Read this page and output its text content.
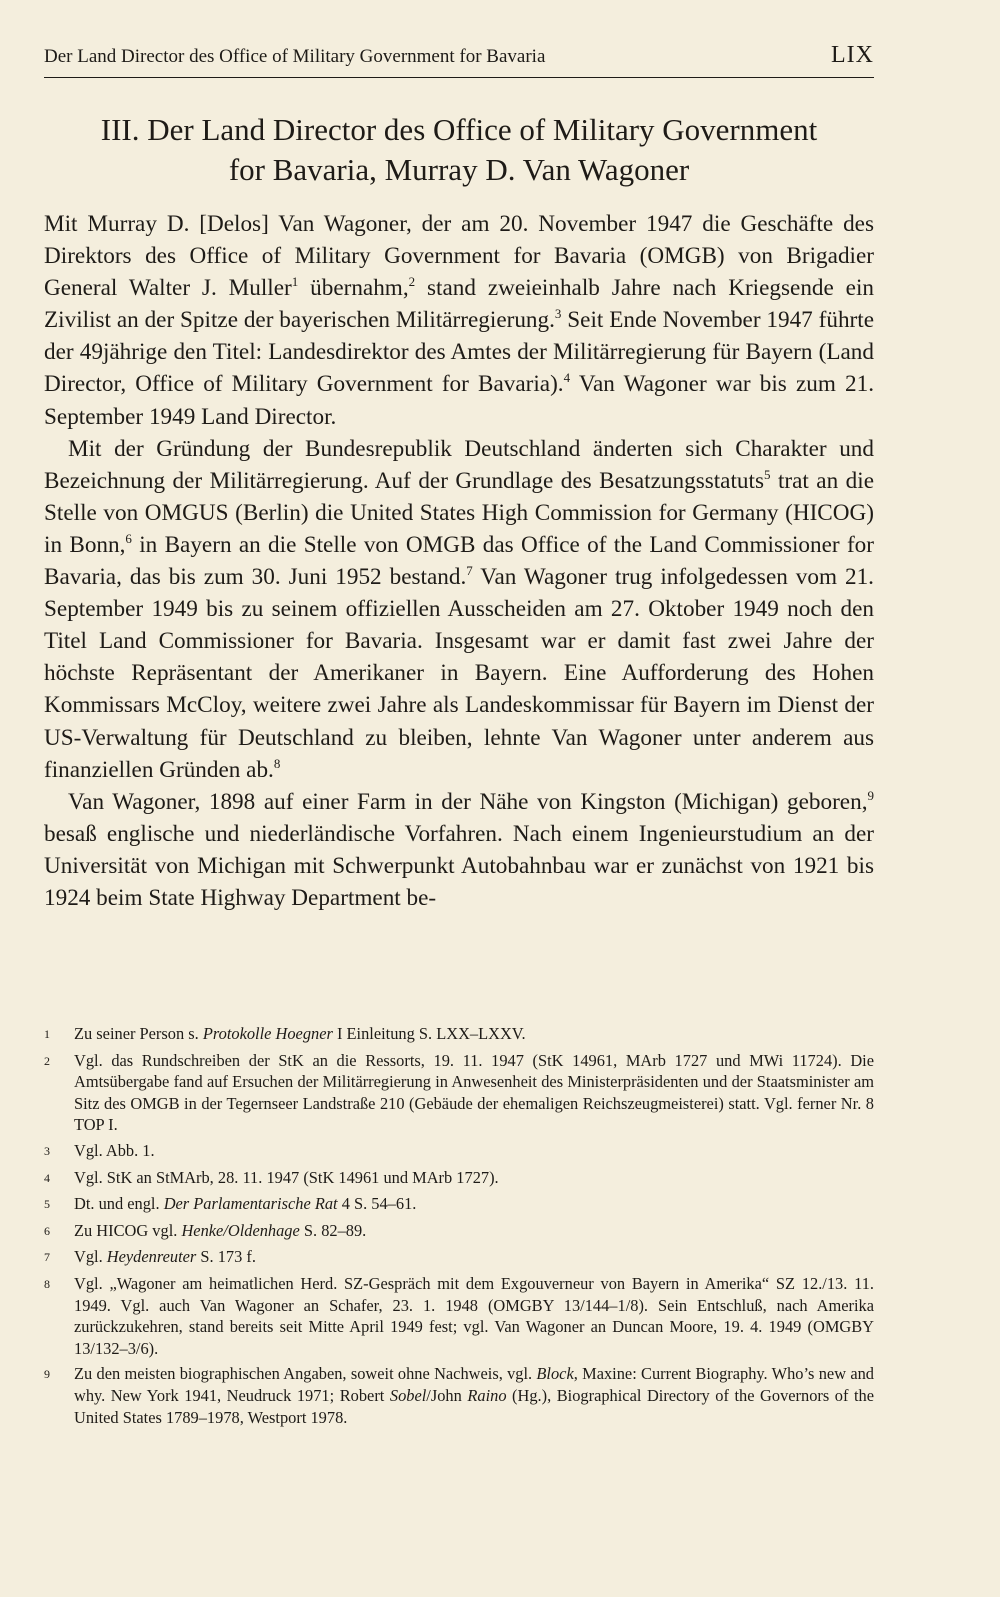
Der Land Director des Office of Military Government for Bavaria	LIX
III. Der Land Director des Office of Military Government
for Bavaria, Murray D. Van Wagoner

Mit Murray D. [Delos] Van Wagoner, der am 20. November 1947 die Geschäfte des Direktors des Office of Military Government for Bavaria (OMGB) von Brigadier General Walter J. Muller$^1$ übernahm,$^2$ stand zweieinhalb Jahre nach Kriegsende ein Zivilist an der Spitze der bayerischen Militärregierung.$^3$ Seit Ende November 1947 führte der 49jährige den Titel: Landesdirektor des Amtes der Militärregierung für Bayern (Land Director, Office of Military Government for Bavaria).$^4$ Van Wagoner war bis zum 21. September 1949 Land Director.

Mit der Gründung der Bundesrepublik Deutschland änderten sich Charakter und Bezeichnung der Militärregierung. Auf der Grundlage des Besatzungsstatuts$^5$ trat an die Stelle von OMGUS (Berlin) die United States High Commission for Germany (HICOG) in Bonn,$^6$ in Bayern an die Stelle von OMGB das Office of the Land Commissioner for Bavaria, das bis zum 30. Juni 1952 bestand.$^7$ Van Wagoner trug infolgedessen vom 21. September 1949 bis zu seinem offiziellen Ausscheiden am 27. Oktober 1949 noch den Titel Land Commissioner for Bavaria. Insgesamt war er damit fast zwei Jahre der höchste Repräsentant der Amerikaner in Bayern. Eine Aufforderung des Hohen Kommissars McCloy, weitere zwei Jahre als Landeskommissar für Bayern im Dienst der US-Verwaltung für Deutschland zu bleiben, lehnte Van Wagoner unter anderem aus finanziellen Gründen ab.$^8$

Van Wagoner, 1898 auf einer Farm in der Nähe von Kingston (Michigan) geboren,$^9$ besaß englische und niederländische Vorfahren. Nach einem Ingenieurstudium an der Universität von Michigan mit Schwerpunkt Autobahnbau war er zunächst von 1921 bis 1924 beim State Highway Department be-

1	Zu seiner Person s. Protokolle Hoegner I Einleitung S. LXX–LXXV.
2	Vgl. das Rundschreiben der StK an die Ressorts, 19. 11. 1947 (StK 14961, MArb 1727 und MWi 11724). Die Amtsübergabe fand auf Ersuchen der Militärregierung in Anwesenheit des Ministerpräsidenten und der Staatsminister am Sitz des OMGB in der Tegernseer Landstraße 210 (Gebäude der ehemaligen Reichszeugmeisterei) statt. Vgl. ferner Nr. 8 TOP I.
3	Vgl. Abb. 1.
4	Vgl. StK an StMArb, 28. 11. 1947 (StK 14961 und MArb 1727).
5	Dt. und engl. Der Parlamentarische Rat 4 S. 54–61.
6	Zu HICOG vgl. Henke/Oldenhage S. 82–89.
7	Vgl. Heydenreuter S. 173 f.
8	Vgl. „Wagoner am heimatlichen Herd. SZ-Gespräch mit dem Exgouverneur von Bayern in Amerika“ SZ 12./13. 11. 1949. Vgl. auch Van Wagoner an Schafer, 23. 1. 1948 (OMGBY 13/144–1/8). Sein Entschluß, nach Amerika zurückzukehren, stand bereits seit Mitte April 1949 fest; vgl. Van Wagoner an Duncan Moore, 19. 4. 1949 (OMGBY 13/132–3/6).
9	Zu den meisten biographischen Angaben, soweit ohne Nachweis, vgl. Block, Maxine: Current Biography. Who’s new and why. New York 1941, Neudruck 1971; Robert Sobel/John Raino (Hg.), Biographical Directory of the Governors of the United States 1789–1978, Westport 1978.
